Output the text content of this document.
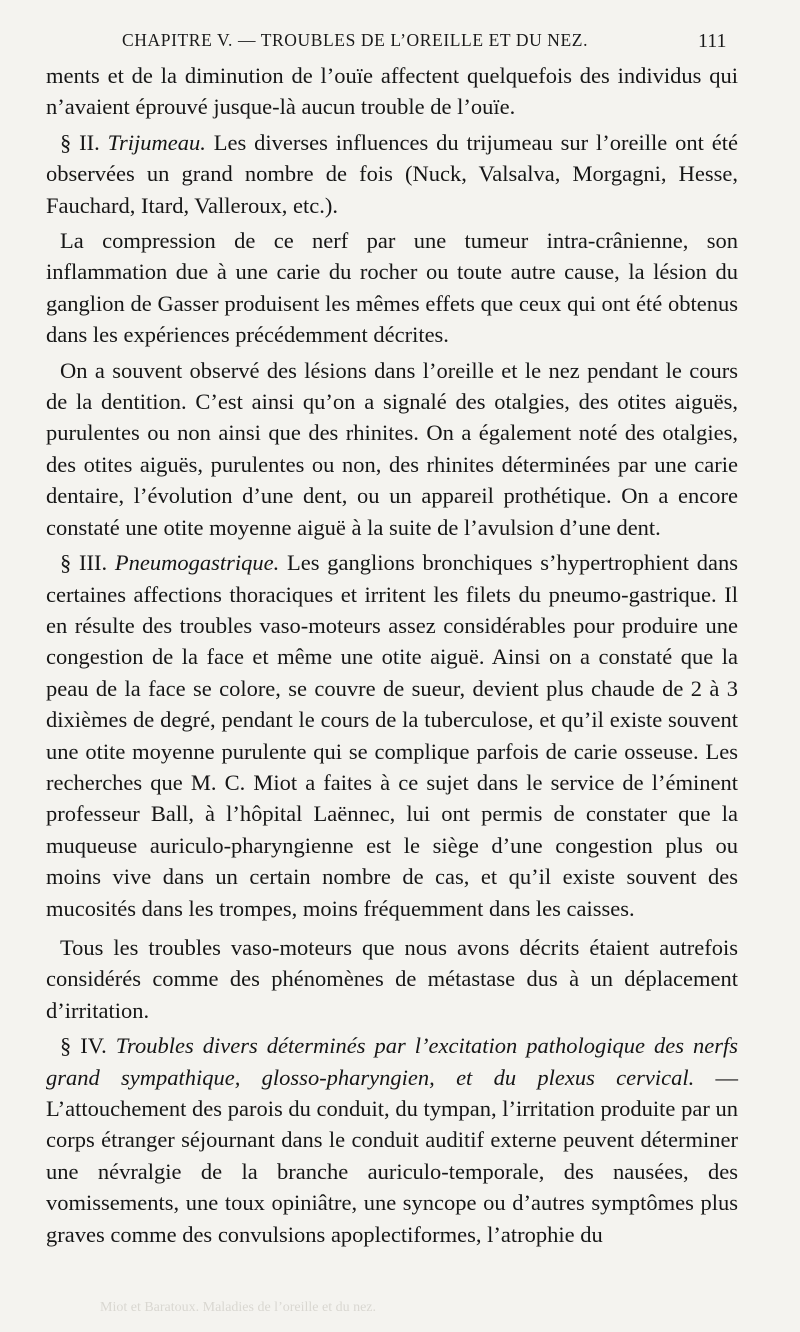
CHAPITRE V. — TROUBLES DE L’OREILLE ET DU NEZ.	111

ments et de la diminution de l’ouïe affectent quelquefois des individus qui n’avaient éprouvé jusque-là aucun trouble de l’ouïe.

§ II. Trijumeau. Les diverses influences du trijumeau sur l’oreille ont été observées un grand nombre de fois (Nuck, Valsalva, Morgagni, Hesse, Fauchard, Itard, Valleroux, etc.).

La compression de ce nerf par une tumeur intra-crânienne, son inflammation due à une carie du rocher ou toute autre cause, la lésion du ganglion de Gasser produisent les mêmes effets que ceux qui ont été obtenus dans les expériences précédemment décrites.

On a souvent observé des lésions dans l’oreille et le nez pendant le cours de la dentition. C’est ainsi qu’on a signalé des otalgies, des otites aiguës, purulentes ou non ainsi que des rhinites. On a également noté des otalgies, des otites aiguës, purulentes ou non, des rhinites déterminées par une carie dentaire, l’évolution d’une dent, ou un appareil prothétique. On a encore constaté une otite moyenne aiguë à la suite de l’avulsion d’une dent.

§ III. Pneumogastrique. Les ganglions bronchiques s’hypertrophient dans certaines affections thoraciques et irritent les filets du pneumo-gastrique. Il en résulte des troubles vaso-moteurs assez considérables pour produire une congestion de la face et même une otite aiguë. Ainsi on a constaté que la peau de la face se colore, se couvre de sueur, devient plus chaude de 2 à 3 dixièmes de degré, pendant le cours de la tuberculose, et qu’il existe souvent une otite moyenne purulente qui se complique parfois de carie osseuse. Les recherches que M. C. Miot a faites à ce sujet dans le service de l’éminent professeur Ball, à l’hôpital Laënnec, lui ont permis de constater que la muqueuse auriculo-pharyngienne est le siège d’une congestion plus ou moins vive dans un certain nombre de cas, et qu’il existe souvent des mucosités dans les trompes, moins fréquemment dans les caisses.

Tous les troubles vaso-moteurs que nous avons décrits étaient autrefois considérés comme des phénomènes de métastase dus à un déplacement d’irritation.

§ IV. Troubles divers déterminés par l’excitation pathologique des nerfs grand sympathique, glosso-pharyngien, et du plexus cervical. — L’attouchement des parois du conduit, du tympan, l’irritation produite par un corps étranger séjournant dans le conduit auditif externe peuvent déterminer une névralgie de la branche auriculo-temporale, des nausées, des vomissements, une toux opiniâtre, une syncope ou d’autres symptômes plus graves comme des convulsions apoplectiformes, l’atrophie du

Miot et Baratoux. Maladies de l’oreille et du nez.
